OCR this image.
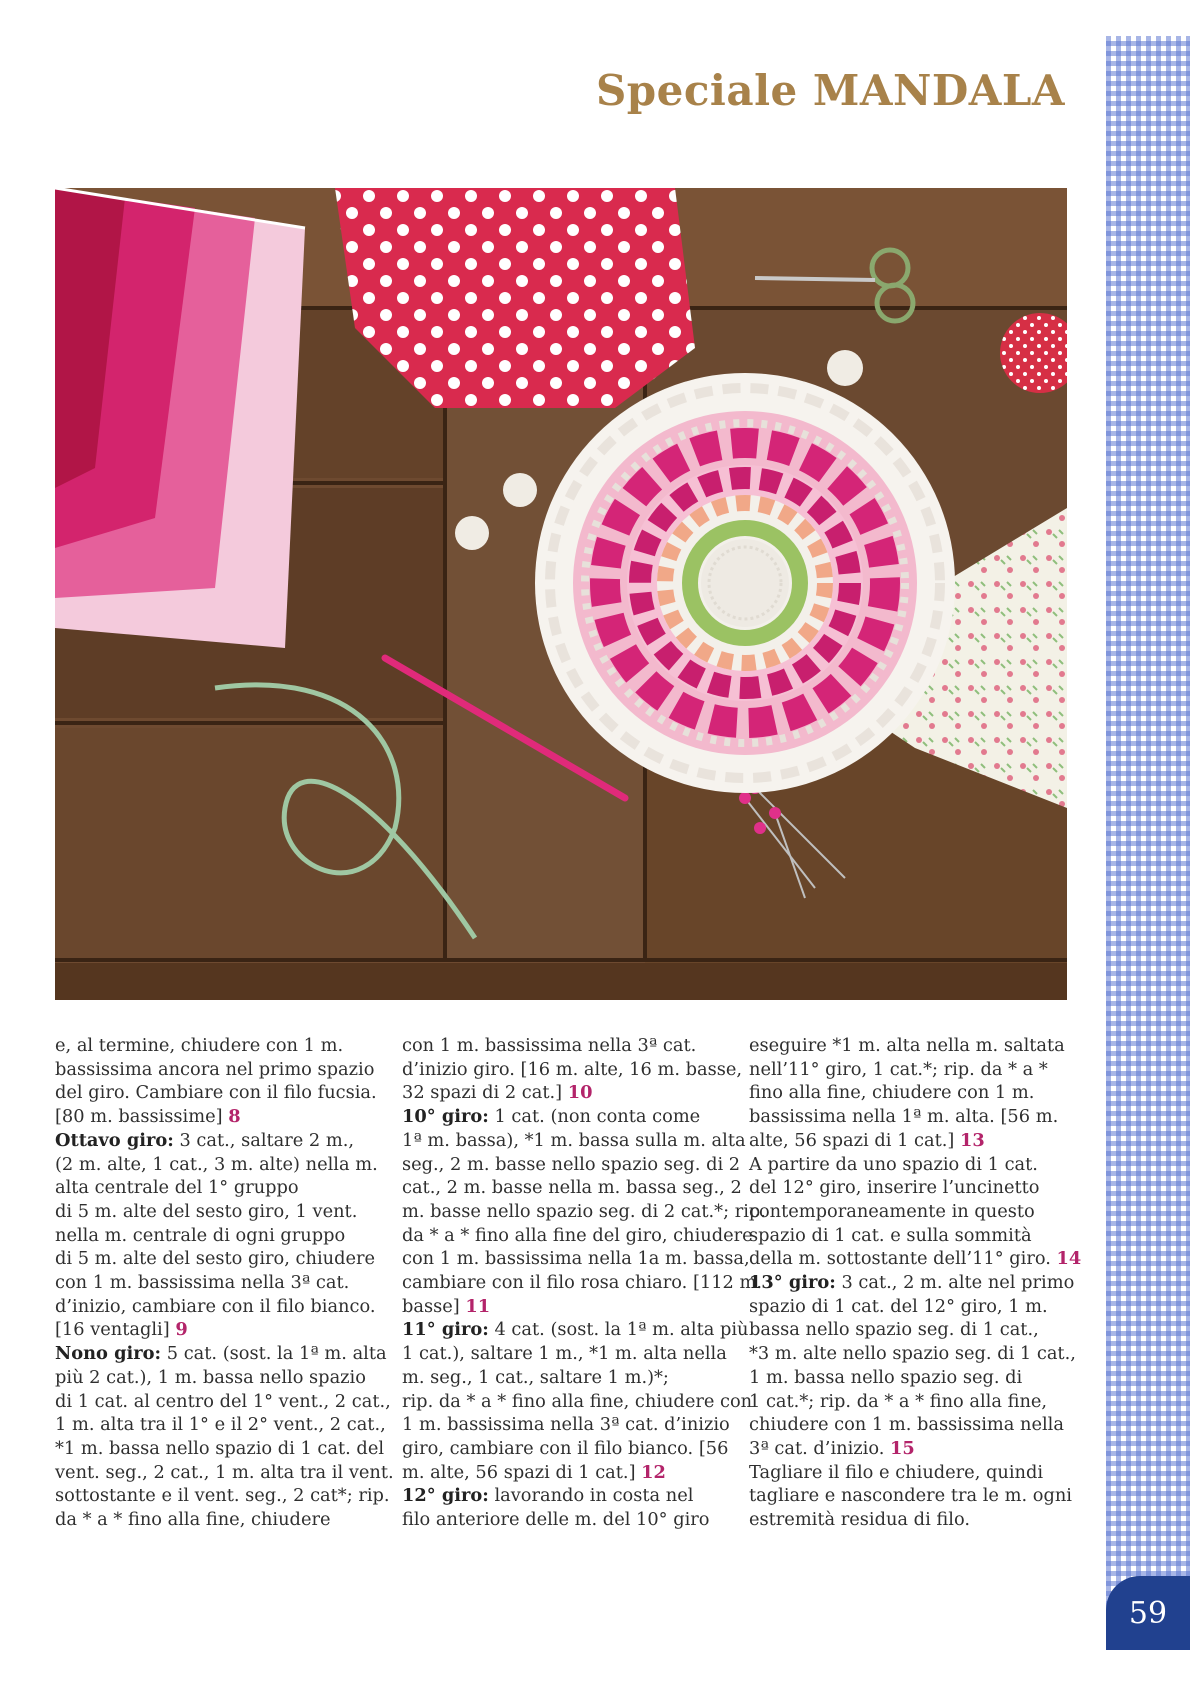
59
Speciale MANDALA
e, al termine, chiudere con 1 m.
bassissima ancora nel primo spazio
del giro. Cambiare con il filo fucsia.
[80 m. bassissime] 8
Ottavo giro: 3 cat., saltare 2 m.,
(2 m. alte, 1 cat., 3 m. alte) nella m.
alta centrale del 1° gruppo
di 5 m. alte del sesto giro, 1 vent.
nella m. centrale di ogni gruppo
di 5 m. alte del sesto giro, chiudere
con 1 m. bassissima nella 3ª cat.
d’inizio, cambiare con il filo bianco.
[16 ventagli] 9
Nono giro: 5 cat. (sost. la 1ª m. alta
più 2 cat.), 1 m. bassa nello spazio
di 1 cat. al centro del 1° vent., 2 cat.,
1 m. alta tra il 1° e il 2° vent., 2 cat.,
*1 m. bassa nello spazio di 1 cat. del
vent. seg., 2 cat., 1 m. alta tra il vent.
sottostante e il vent. seg., 2 cat*; rip.
da * a * fino alla fine, chiudere
con 1 m. bassissima nella 3ª cat.
d’inizio giro. [16 m. alte, 16 m. basse,
32 spazi di 2 cat.] 10
10° giro: 1 cat. (non conta come
1ª m. bassa), *1 m. bassa sulla m. alta
seg., 2 m. basse nello spazio seg. di 2
cat., 2 m. basse nella m. bassa seg., 2
m. basse nello spazio seg. di 2 cat.*; rip.
da * a * fino alla fine del giro, chiudere
con 1 m. bassissima nella 1a m. bassa,
cambiare con il filo rosa chiaro. [112 m.
basse] 11
11° giro: 4 cat. (sost. la 1ª m. alta più
1 cat.), saltare 1 m., *1 m. alta nella
m. seg., 1 cat., saltare 1 m.)*;
rip. da * a * fino alla fine, chiudere con
1 m. bassissima nella 3ª cat. d’inizio
giro, cambiare con il filo bianco. [56
m. alte, 56 spazi di 1 cat.] 12
12° giro: lavorando in costa nel
filo anteriore delle m. del 10° giro
eseguire *1 m. alta nella m. saltata
nell’11° giro, 1 cat.*; rip. da * a *
fino alla fine, chiudere con 1 m.
bassissima nella 1ª m. alta. [56 m.
alte, 56 spazi di 1 cat.] 13
A partire da uno spazio di 1 cat.
del 12° giro, inserire l’uncinetto
contemporaneamente in questo
spazio di 1 cat. e sulla sommità
della m. sottostante dell’11° giro. 14
13° giro: 3 cat., 2 m. alte nel primo
spazio di 1 cat. del 12° giro, 1 m.
bassa nello spazio seg. di 1 cat.,
*3 m. alte nello spazio seg. di 1 cat.,
1 m. bassa nello spazio seg. di
1 cat.*; rip. da * a * fino alla fine,
chiudere con 1 m. bassissima nella
3ª cat. d’inizio. 15
Tagliare il filo e chiudere, quindi
tagliare e nascondere tra le m. ogni
estremità residua di filo.
